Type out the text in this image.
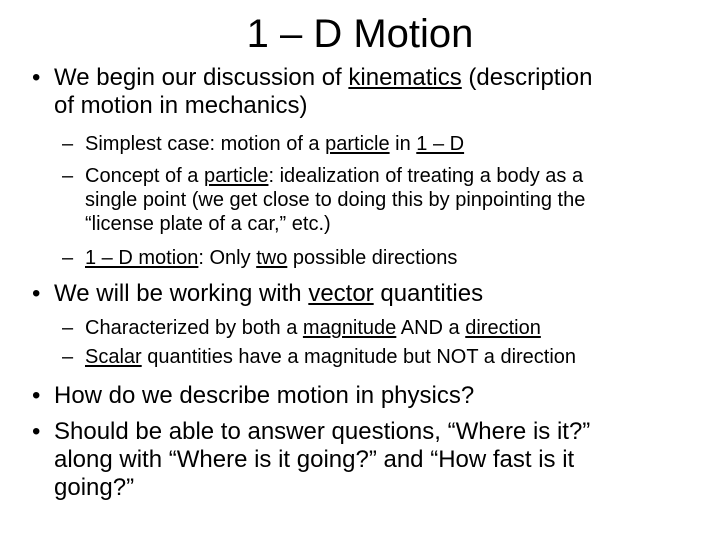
1 – D Motion
• We begin our discussion of kinematics (description
of motion in mechanics)
– Simplest case: motion of a particle in 1 – D
– Concept of a particle: idealization of treating a body as a
single point (we get close to doing this by pinpointing the
“license plate of a car,” etc.)
– 1 – D motion: Only two possible directions
• We will be working with vector quantities
– Characterized by both a magnitude AND a direction
– Scalar quantities have a magnitude but NOT a direction
• How do we describe motion in physics?
• Should be able to answer questions, “Where is it?”
along with “Where is it going?” and “How fast is it
going?”
